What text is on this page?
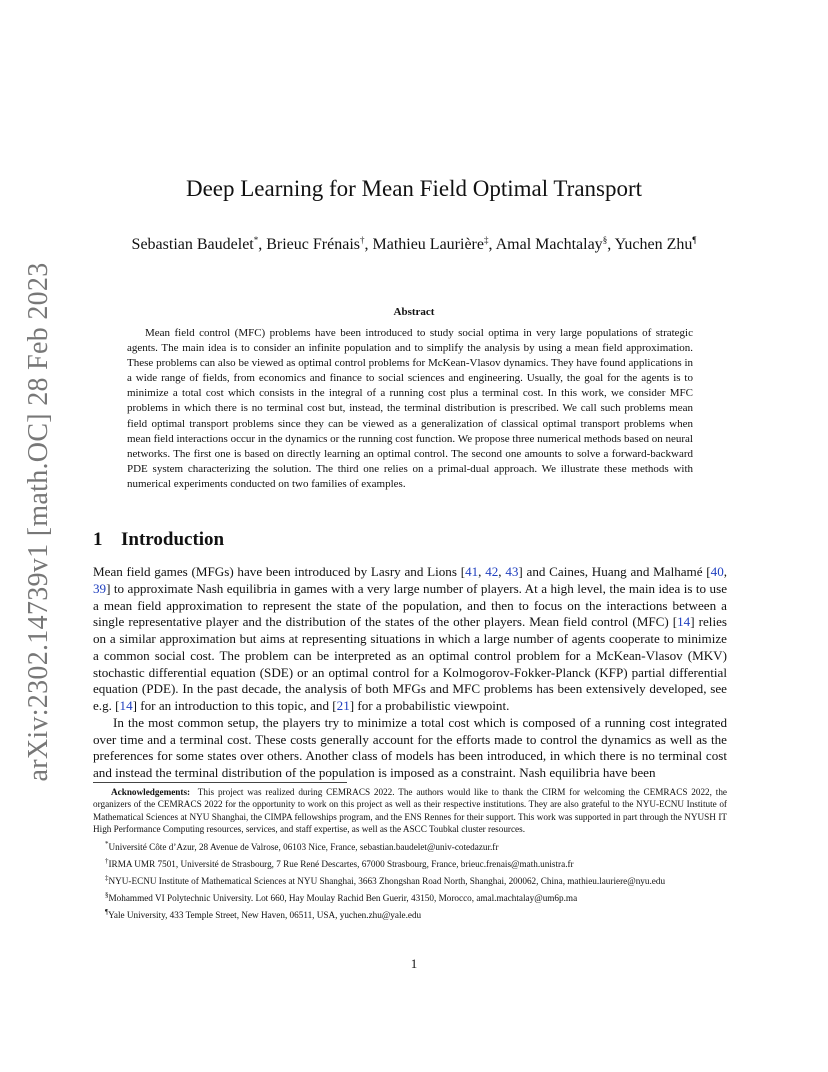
arXiv:2302.14739v1 [math.OC] 28 Feb 2023
Deep Learning for Mean Field Optimal Transport
Sebastian Baudelet*, Brieuc Frénais†, Mathieu Laurière‡, Amal Machtalay§, Yuchen Zhu¶
Abstract

Mean field control (MFC) problems have been introduced to study social optima in very large populations of strategic agents. The main idea is to consider an infinite population and to simplify the analysis by using a mean field approximation. These problems can also be viewed as optimal control problems for McKean-Vlasov dynamics. They have found applications in a wide range of fields, from economics and finance to social sciences and engineering. Usually, the goal for the agents is to minimize a total cost which consists in the integral of a running cost plus a terminal cost. In this work, we consider MFC problems in which there is no terminal cost but, instead, the terminal distribution is prescribed. We call such problems mean field optimal transport problems since they can be viewed as a generalization of classical optimal transport problems when mean field interactions occur in the dynamics or the running cost function. We propose three numerical methods based on neural networks. The first one is based on directly learning an optimal control. The second one amounts to solve a forward-backward PDE system characterizing the solution. The third one relies on a primal-dual approach. We illustrate these methods with numerical experiments conducted on two families of examples.

1 Introduction

Mean field games (MFGs) have been introduced by Lasry and Lions [41, 42, 43] and Caines, Huang and Malhamé [40, 39] to approximate Nash equilibria in games with a very large number of players. At a high level, the main idea is to use a mean field approximation to represent the state of the population, and then to focus on the interactions between a single representative player and the distribution of the states of the other players. Mean field control (MFC) [14] relies on a similar approximation but aims at representing situations in which a large number of agents cooperate to minimize a common social cost. The problem can be interpreted as an optimal control problem for a McKean-Vlasov (MKV) stochastic differential equation (SDE) or an optimal control for a Kolmogorov-Fokker-Planck (KFP) partial differential equation (PDE). In the past decade, the analysis of both MFGs and MFC problems has been extensively developed, see e.g. [14] for an introduction to this topic, and [21] for a probabilistic viewpoint.

In the most common setup, the players try to minimize a total cost which is composed of a running cost integrated over time and a terminal cost. These costs generally account for the efforts made to control the dynamics as well as the preferences for some states over others. Another class of models has been introduced, in which there is no terminal cost and instead the terminal distribution of the population is imposed as a constraint. Nash equilibria have been

Acknowledgements: This project was realized during CEMRACS 2022. The authors would like to thank the CIRM for welcoming the CEMRACS 2022, the organizers of the CEMRACS 2022 for the opportunity to work on this project as well as their respective institutions. They are also grateful to the NYU-ECNU Institute of Mathematical Sciences at NYU Shanghai, the CIMPA fellowships program, and the ENS Rennes for their support. This work was supported in part through the NYUSH IT High Performance Computing resources, services, and staff expertise, as well as the ASCC Toubkal cluster resources.

*Université Côte d’Azur, 28 Avenue de Valrose, 06103 Nice, France, sebastian.baudelet@univ-cotedazur.fr

†IRMA UMR 7501, Université de Strasbourg, 7 Rue René Descartes, 67000 Strasbourg, France, brieuc.frenais@math.unistra.fr

‡NYU-ECNU Institute of Mathematical Sciences at NYU Shanghai, 3663 Zhongshan Road North, Shanghai, 200062, China, mathieu.lauriere@nyu.edu

§Mohammed VI Polytechnic University. Lot 660, Hay Moulay Rachid Ben Guerir, 43150, Morocco, amal.machtalay@um6p.ma

¶Yale University, 433 Temple Street, New Haven, 06511, USA, yuchen.zhu@yale.edu

1
